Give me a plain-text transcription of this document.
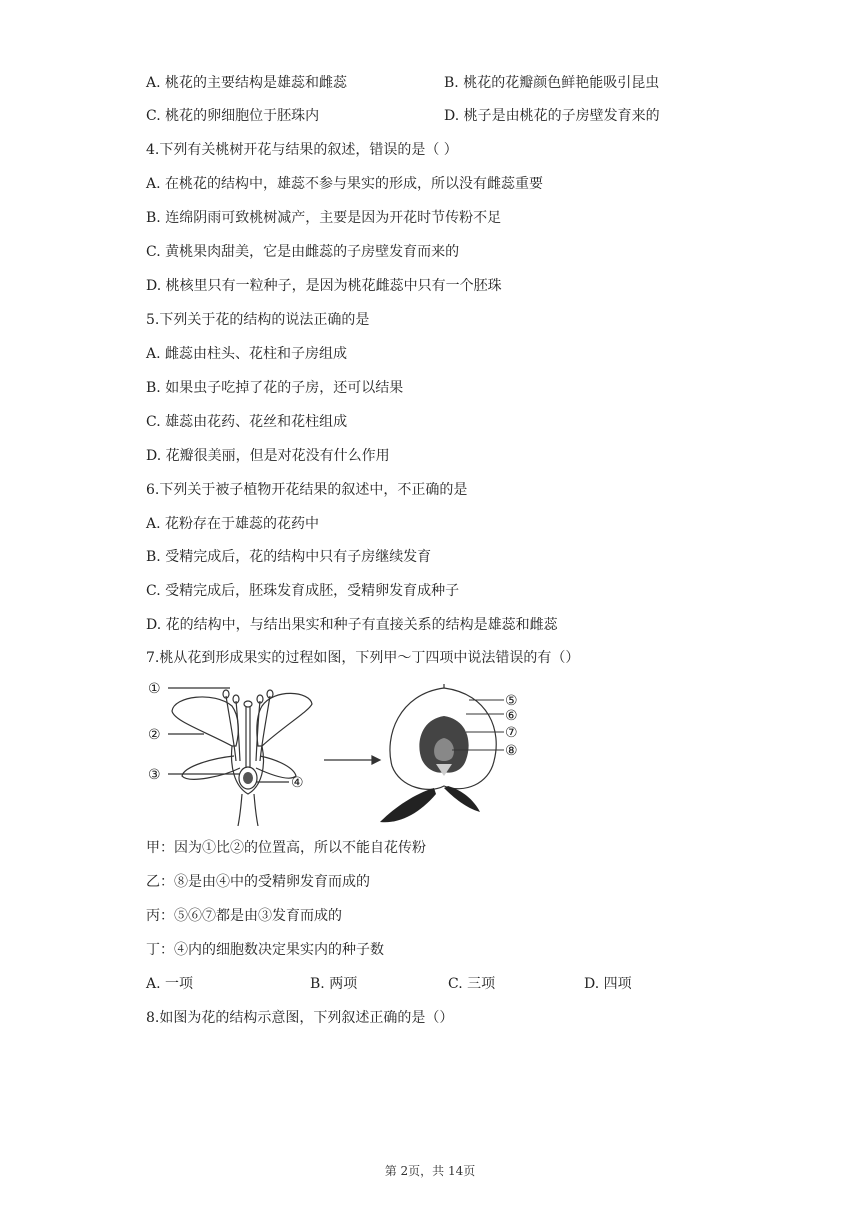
A. 桃花的主要结构是雄蕊和雌蕊	B. 桃花的花瓣颜色鲜艳能吸引昆虫
C. 桃花的卵细胞位于胚珠内	D. 桃子是由桃花的子房壁发育来的
4.下列有关桃树开花与结果的叙述，错误的是（ ）
A. 在桃花的结构中，雄蕊不参与果实的形成，所以没有雌蕊重要
B. 连绵阴雨可致桃树减产，主要是因为开花时节传粉不足
C. 黄桃果肉甜美，它是由雌蕊的子房壁发育而来的
D. 桃核里只有一粒种子，是因为桃花雌蕊中只有一个胚珠
5.下列关于花的结构的说法正确的是
A. 雌蕊由柱头、花柱和子房组成
B. 如果虫子吃掉了花的子房，还可以结果
C. 雄蕊由花药、花丝和花柱组成
D. 花瓣很美丽，但是对花没有什么作用
6.下列关于被子植物开花结果的叙述中，不正确的是
A. 花粉存在于雄蕊的花药中
B. 受精完成后，花的结构中只有子房继续发育
C. 受精完成后，胚珠发育成胚，受精卵发育成种子
D. 花的结构中，与结出果实和种子有直接关系的结构是雄蕊和雌蕊
7.桃从花到形成果实的过程如图，下列甲～丁四项中说法错误的有（）
①
②
③	④
⑤
⑥
⑦
⑧
甲：因为①比②的位置高，所以不能自花传粉
乙：⑧是由④中的受精卵发育而成的
丙：⑤⑥⑦都是由③发育而成的
丁：④内的细胞数决定果实内的种子数
A. 一项	B. 两项	C. 三项	D. 四项
8.如图为花的结构示意图，下列叙述正确的是（）
第 2页，共 14页
